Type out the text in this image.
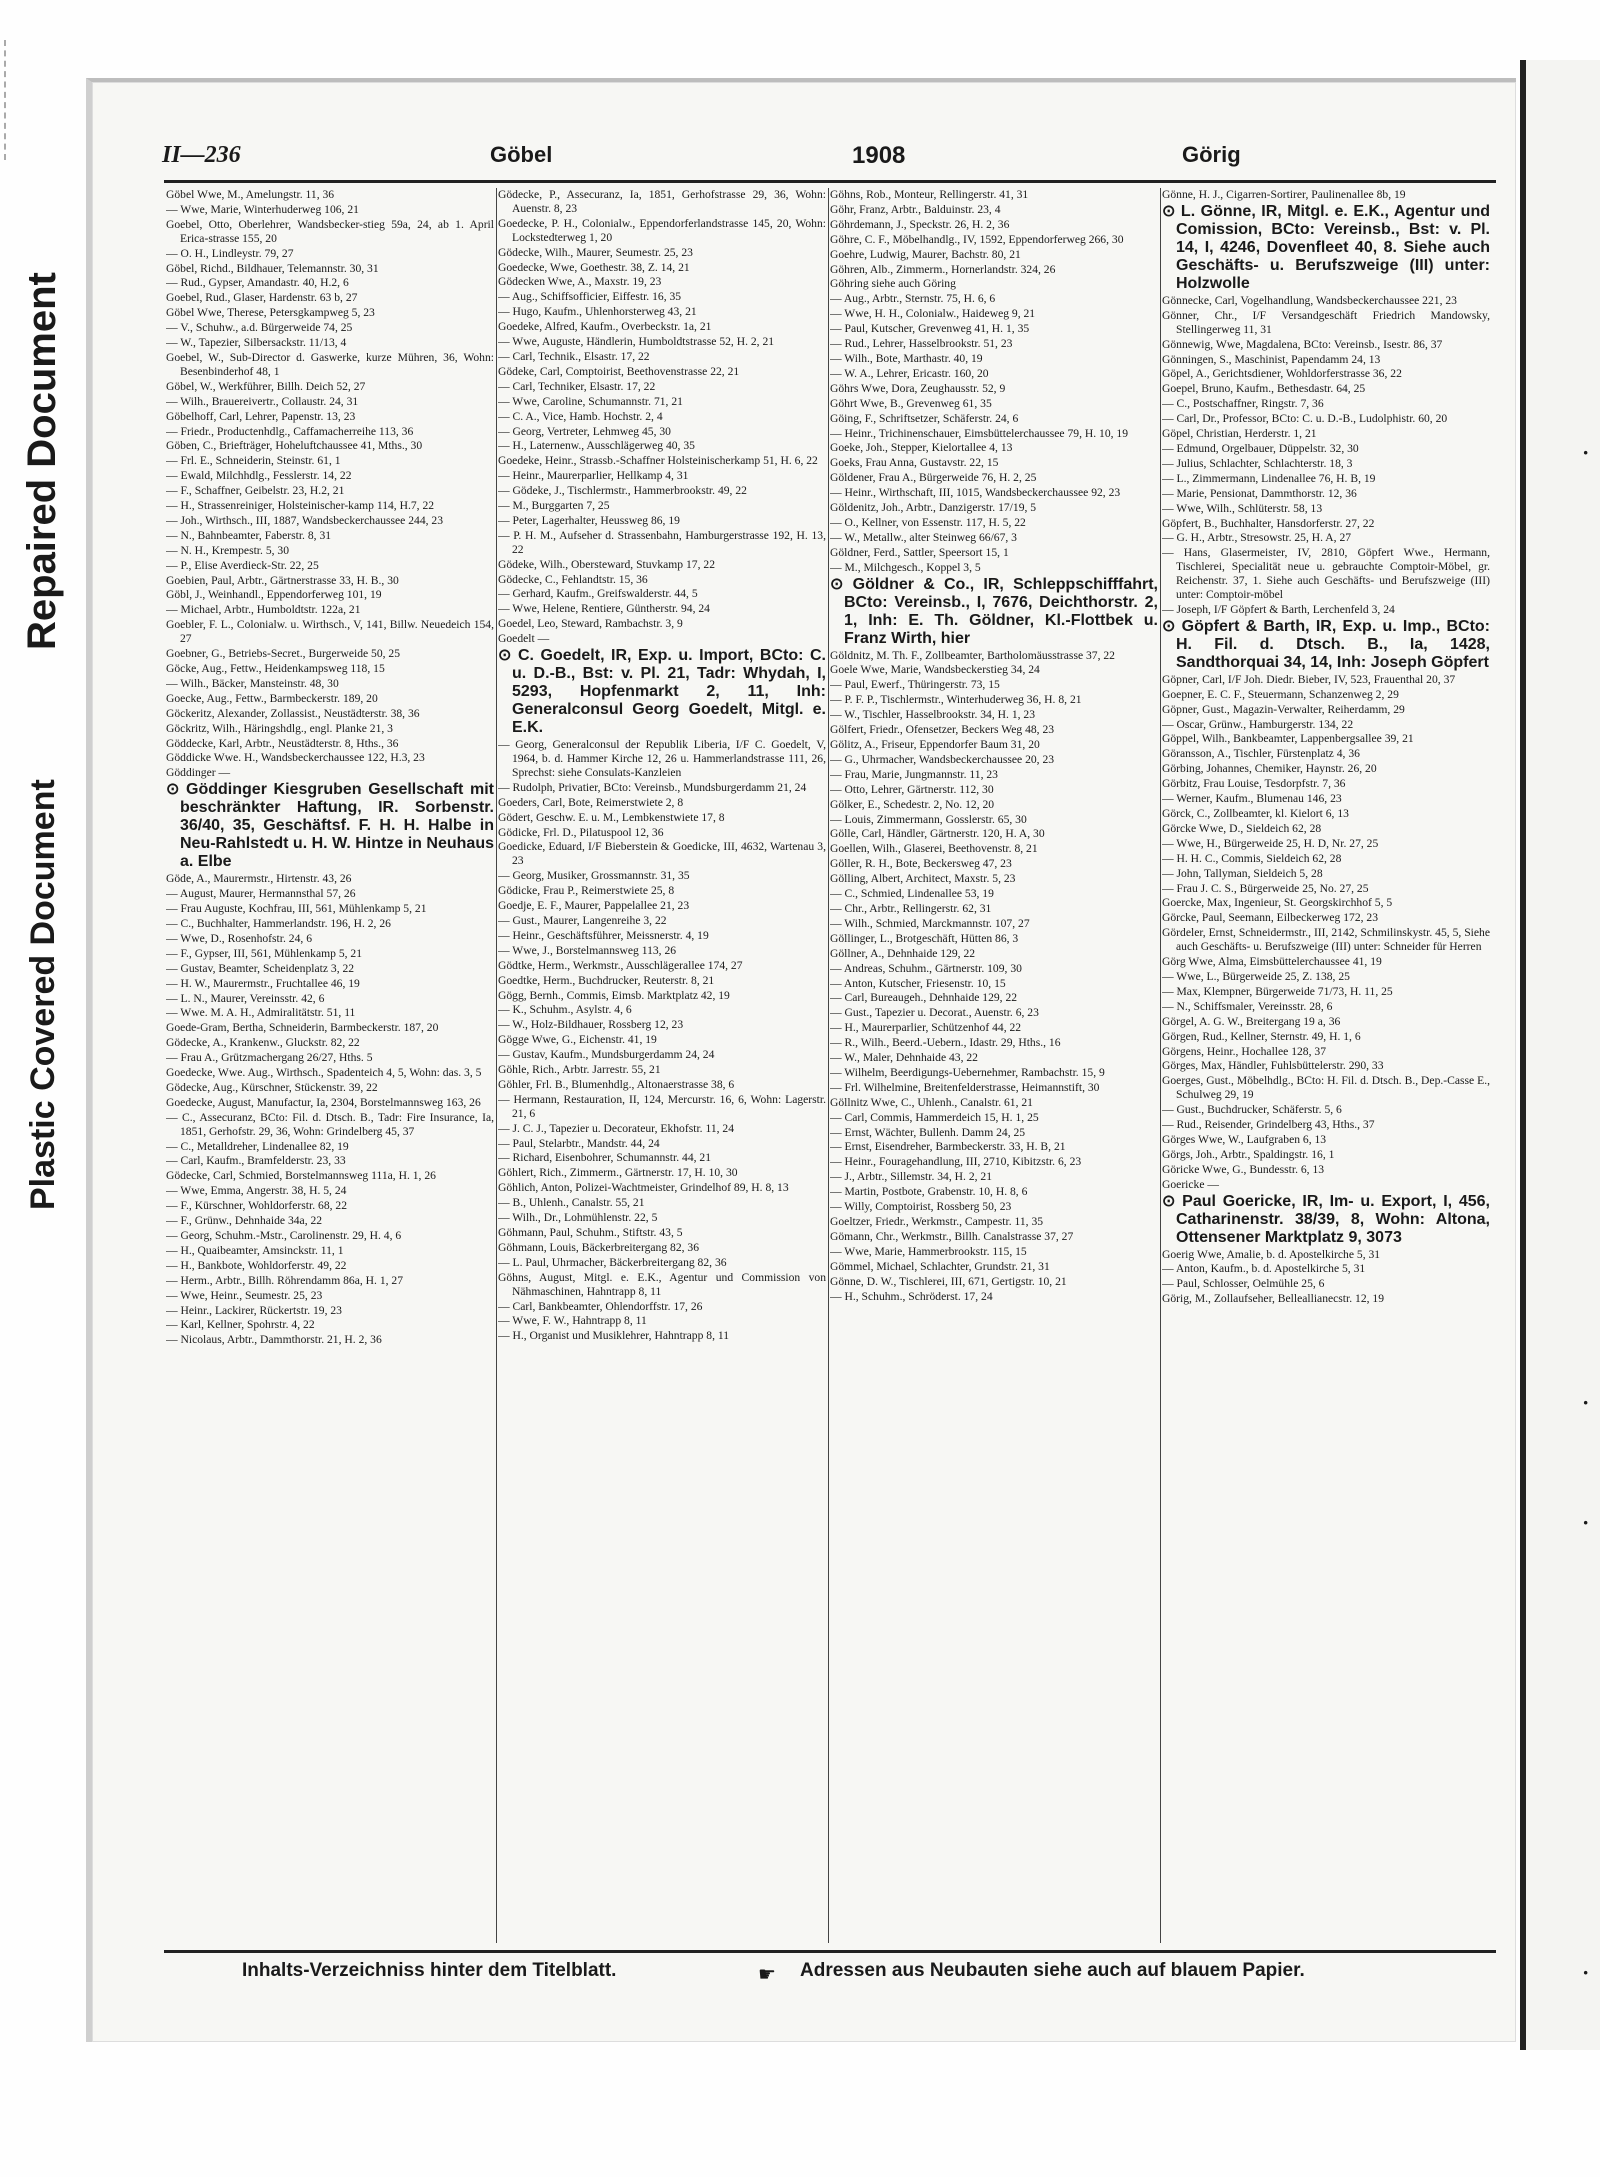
Repaired Document
Plastic Covered Document
·
·
·
·
II—236	Göbel	1908	Görig
Göbel Wwe, M., Amelungstr. 11, 36
— Wwe, Marie, Winterhuderweg 106, 21
Goebel, Otto, Oberlehrer, Wandsbecker-stieg 59a, 24, ab 1. April Erica-strasse 155, 20
— O. H., Lindleystr. 79, 27
Göbel, Richd., Bildhauer, Telemannstr. 30, 31
— Rud., Gypser, Amandastr. 40, H.2, 6
Goebel, Rud., Glaser, Hardenstr. 63 b, 27
Göbel Wwe, Therese, Petersgkampweg 5, 23
— V., Schuhw., a.d. Bürgerweide 74, 25
— W., Tapezier, Silbersackstr. 11/13, 4
Goebel, W., Sub-Director d. Gaswerke, kurze Mühren, 36, Wohn: Besenbinderhof 48, 1
Göbel, W., Werkführer, Billh. Deich 52, 27
— Wilh., Brauereivertr., Collaustr. 24, 31
Göbelhoff, Carl, Lehrer, Papenstr. 13, 23
— Friedr., Productenhdlg., Caffamacherreihe 113, 36
Göben, C., Briefträger, Hoheluftchaussee 41, Mths., 30
— Frl. E., Schneiderin, Steinstr. 61, 1
— Ewald, Milchhdlg., Fesslerstr. 14, 22
— F., Schaffner, Geibelstr. 23, H.2, 21
— H., Strassenreiniger, Holsteinischer-kamp 114, H.7, 22
— Joh., Wirthsch., III, 1887, Wandsbeckerchaussee 244, 23
— N., Bahnbeamter, Faberstr. 8, 31
— N. H., Krempestr. 5, 30
— P., Elise Averdieck-Str. 22, 25
Goebien, Paul, Arbtr., Gärtnerstrasse 33, H. B., 30
Göbl, J., Weinhandl., Eppendorferweg 101, 19
— Michael, Arbtr., Humboldtstr. 122a, 21
Goebler, F. L., Colonialw. u. Wirthsch., V, 141, Billw. Neuedeich 154, 27
Goebner, G., Betriebs-Secret., Burgerweide 50, 25
Göcke, Aug., Fettw., Heidenkampsweg 118, 15
— Wilh., Bäcker, Mansteinstr. 48, 30
Goecke, Aug., Fettw., Barmbeckerstr. 189, 20
Göckeritz, Alexander, Zollassist., Neustädterstr. 38, 36
Göckritz, Wilh., Häringshdlg., engl. Planke 21, 3
Göddecke, Karl, Arbtr., Neustädterstr. 8, Hths., 36
Göddicke Wwe. H., Wandsbeckerchaussee 122, H.3, 23
Göddinger —
⊙ Göddinger Kiesgruben Gesellschaft mit beschränkter Haftung, IR. Sorbenstr. 36/40, 35, Geschäftsf. F. H. H. Halbe in Neu-Rahlstedt u. H. W. Hintze in Neuhaus a. Elbe
Göde, A., Maurermstr., Hirtenstr. 43, 26
— August, Maurer, Hermannsthal 57, 26
— Frau Auguste, Kochfrau, III, 561, Mühlenkamp 5, 21
— C., Buchhalter, Hammerlandstr. 196, H. 2, 26
— Wwe, D., Rosenhofstr. 24, 6
— F., Gypser, III, 561, Mühlenkamp 5, 21
— Gustav, Beamter, Scheidenplatz 3, 22
— H. W., Maurermstr., Fruchtallee 46, 19
— L. N., Maurer, Vereinsstr. 42, 6
— Wwe. M. A. H., Admiralitätstr. 51, 11
Goede-Gram, Bertha, Schneiderin, Barmbeckerstr. 187, 20
Gödecke, A., Krankenw., Gluckstr. 82, 22
— Frau A., Grützmachergang 26/27, Hths. 5
Goedecke, Wwe. Aug., Wirthsch., Spadenteich 4, 5, Wohn: das. 3, 5
Gödecke, Aug., Kürschner, Stückenstr. 39, 22
Goedecke, August, Manufactur, Ia, 2304, Borstelmannsweg 163, 26
— C., Assecuranz, BCto: Fil. d. Dtsch. B., Tadr: Fire Insurance, Ia, 1851, Gerhofstr. 29, 36, Wohn: Grindelberg 45, 37
— C., Metalldreher, Lindenallee 82, 19
— Carl, Kaufm., Bramfelderstr. 23, 33
Gödecke, Carl, Schmied, Borstelmannsweg 111a, H. 1, 26
— Wwe, Emma, Angerstr. 38, H. 5, 24
— F., Kürschner, Wohldorferstr. 68, 22
— F., Grünw., Dehnhaide 34a, 22
— Georg, Schuhm.-Mstr., Carolinenstr. 29, H. 4, 6
— H., Quaibeamter, Amsinckstr. 11, 1
— H., Bankbote, Wohldorferstr. 49, 22
— Herm., Arbtr., Billh. Röhrendamm 86a, H. 1, 27
— Wwe, Heinr., Seumestr. 25, 23
— Heinr., Lackirer, Rückertstr. 19, 23
— Karl, Kellner, Spohrstr. 4, 22
— Nicolaus, Arbtr., Dammthorstr. 21, H. 2, 36
Gödecke, P., Assecuranz, Ia, 1851, Gerhofstrasse 29, 36, Wohn: Auenstr. 8, 23
Goedecke, P. H., Colonialw., Eppendorferlandstrasse 145, 20, Wohn: Lockstedterweg 1, 20
Gödecke, Wilh., Maurer, Seumestr. 25, 23
Goedecke, Wwe, Goethestr. 38, Z. 14, 21
Gödecken Wwe, A., Maxstr. 19, 23
— Aug., Schiffsofficier, Eiffestr. 16, 35
— Hugo, Kaufm., Uhlenhorsterweg 43, 21
Goedeke, Alfred, Kaufm., Overbeckstr. 1a, 21
— Wwe, Auguste, Händlerin, Humboldtstrasse 52, H. 2, 21
— Carl, Technik., Elsastr. 17, 22
Gödeke, Carl, Comptoirist, Beethovenstrasse 22, 21
— Carl, Techniker, Elsastr. 17, 22
— Wwe, Caroline, Schumannstr. 71, 21
— C. A., Vice, Hamb. Hochstr. 2, 4
— Georg, Vertreter, Lehmweg 45, 30
— H., Laternenw., Ausschlägerweg 40, 35
Goedeke, Heinr., Strassb.-Schaffner Holsteinischerkamp 51, H. 6, 22
— Heinr., Maurerparlier, Hellkamp 4, 31
— Gödeke, J., Tischlermstr., Hammerbrookstr. 49, 22
— M., Burggarten 7, 25
— Peter, Lagerhalter, Heussweg 86, 19
— P. H. M., Aufseher d. Strassenbahn, Hamburgerstrasse 192, H. 13, 22
Gödeke, Wilh., Obersteward, Stuvkamp 17, 22
Gödecke, C., Fehlandtstr. 15, 36
— Gerhard, Kaufm., Greifswalderstr. 44, 5
— Wwe, Helene, Rentiere, Güntherstr. 94, 24
Goedel, Leo, Steward, Rambachstr. 3, 9
Goedelt —
⊙ C. Goedelt, IR, Exp. u. Import, BCto: C. u. D.-B., Bst: v. Pl. 21, Tadr: Whydah, I, 5293, Hopfenmarkt 2, 11, Inh: Generalconsul Georg Goedelt, Mitgl. e. E.K.
— Georg, Generalconsul der Republik Liberia, I/F C. Goedelt, V, 1964, b. d. Hammer Kirche 12, 26 u. Hammerlandstrasse 111, 26, Sprechst: siehe Consulats-Kanzleien
— Rudolph, Privatier, BCto: Vereinsb., Mundsburgerdamm 21, 24
Goeders, Carl, Bote, Reimerstwiete 2, 8
Gödert, Geschw. E. u. M., Lembkenstwiete 17, 8
Gödicke, Frl. D., Pilatuspool 12, 36
Goedicke, Eduard, I/F Bieberstein & Goedicke, III, 4632, Wartenau 3, 23
— Georg, Musiker, Grossmannstr. 31, 35
Gödicke, Frau P., Reimerstwiete 25, 8
Goedje, E. F., Maurer, Pappelallee 21, 23
— Gust., Maurer, Langenreihe 3, 22
— Heinr., Geschäftsführer, Meissnerstr. 4, 19
— Wwe, J., Borstelmannsweg 113, 26
Gödtke, Herm., Werkmstr., Ausschlägerallee 174, 27
Goedtke, Herm., Buchdrucker, Reuterstr. 8, 21
Gögg, Bernh., Commis, Eimsb. Marktplatz 42, 19
— K., Schuhm., Asylstr. 4, 6
— W., Holz-Bildhauer, Rossberg 12, 23
Gögge Wwe, G., Eichenstr. 41, 19
— Gustav, Kaufm., Mundsburgerdamm 24, 24
Göhle, Rich., Arbtr. Jarrestr. 55, 21
Göhler, Frl. B., Blumenhdlg., Altonaerstrasse 38, 6
— Hermann, Restauration, II, 124, Mercurstr. 16, 6, Wohn: Lagerstr. 21, 6
— J. C. J., Tapezier u. Decorateur, Ekhofstr. 11, 24
— Paul, Stelarbtr., Mandstr. 44, 24
— Richard, Eisenbohrer, Schumannstr. 44, 21
Göhlert, Rich., Zimmerm., Gärtnerstr. 17, H. 10, 30
Göhlich, Anton, Polizei-Wachtmeister, Grindelhof 89, H. 8, 13
— B., Uhlenh., Canalstr. 55, 21
— Wilh., Dr., Lohmühlenstr. 22, 5
Göhmann, Paul, Schuhm., Stiftstr. 43, 5
Göhmann, Louis, Bäckerbreitergang 82, 36
— L. Paul, Uhrmacher, Bäckerbreitergang 82, 36
Göhns, August, Mitgl. e. E.K., Agentur und Commission von Nähmaschinen, Hahntrapp 8, 11
— Carl, Bankbeamter, Ohlendorffstr. 17, 26
— Wwe, F. W., Hahntrapp 8, 11
— H., Organist und Musiklehrer, Hahntrapp 8, 11
Göhns, Rob., Monteur, Rellingerstr. 41, 31
Göhr, Franz, Arbtr., Balduinstr. 23, 4
Göhrdemann, J., Speckstr. 26, H. 2, 36
Göhre, C. F., Möbelhandlg., IV, 1592, Eppendorferweg 266, 30
Goehre, Ludwig, Maurer, Bachstr. 80, 21
Göhren, Alb., Zimmerm., Hornerlandstr. 324, 26
Göhring siehe auch Göring
— Aug., Arbtr., Sternstr. 75, H. 6, 6
— Wwe, H. H., Colonialw., Haideweg 9, 21
— Paul, Kutscher, Grevenweg 41, H. 1, 35
— Rud., Lehrer, Hasselbrookstr. 51, 23
— Wilh., Bote, Marthastr. 40, 19
— W. A., Lehrer, Ericastr. 160, 20
Göhrs Wwe, Dora, Zeughausstr. 52, 9
Göhrt Wwe, B., Grevenweg 61, 35
Göing, F., Schriftsetzer, Schäferstr. 24, 6
— Heinr., Trichinenschauer, Eimsbüttelerchaussee 79, H. 10, 19
Goeke, Joh., Stepper, Kielortallee 4, 13
Goeks, Frau Anna, Gustavstr. 22, 15
Göldener, Frau A., Bürgerweide 76, H. 2, 25
— Heinr., Wirthschaft, III, 1015, Wandsbeckerchaussee 92, 23
Göldenitz, Joh., Arbtr., Danzigerstr. 17/19, 5
— O., Kellner, von Essenstr. 117, H. 5, 22
— W., Metallw., alter Steinweg 66/67, 3
Göldner, Ferd., Sattler, Speersort 15, 1
— M., Milchgesch., Koppel 3, 5
⊙ Göldner & Co., IR, Schleppschifffahrt, BCto: Vereinsb., I, 7676, Deichthorstr. 2, 1, Inh: E. Th. Göldner, Kl.-Flottbek u. Franz Wirth, hier
Göldnitz, M. Th. F., Zollbeamter, Bartholomäusstrasse 37, 22
Goele Wwe, Marie, Wandsbeckerstieg 34, 24
— Paul, Ewerf., Thüringerstr. 73, 15
— P. F. P., Tischlermstr., Winterhuderweg 36, H. 8, 21
— W., Tischler, Hasselbrookstr. 34, H. 1, 23
Gölfert, Friedr., Ofensetzer, Beckers Weg 48, 23
Gölitz, A., Friseur, Eppendorfer Baum 31, 20
— G., Uhrmacher, Wandsbeckerchaussee 20, 23
— Frau, Marie, Jungmannstr. 11, 23
— Otto, Lehrer, Gärtnerstr. 112, 30
Gölker, E., Schedestr. 2, No. 12, 20
— Louis, Zimmermann, Gosslerstr. 65, 30
Gölle, Carl, Händler, Gärtnerstr. 120, H. A, 30
Goellen, Wilh., Glaserei, Beethovenstr. 8, 21
Göller, R. H., Bote, Beckersweg 47, 23
Gölling, Albert, Architect, Maxstr. 5, 23
— C., Schmied, Lindenallee 53, 19
— Chr., Arbtr., Rellingerstr. 62, 31
— Wilh., Schmied, Marckmannstr. 107, 27
Göllinger, L., Brotgeschäft, Hütten 86, 3
Göllner, A., Dehnhaide 129, 22
— Andreas, Schuhm., Gärtnerstr. 109, 30
— Anton, Kutscher, Friesenstr. 10, 15
— Carl, Bureaugeh., Dehnhaide 129, 22
— Gust., Tapezier u. Decorat., Auenstr. 6, 23
— H., Maurerparlier, Schützenhof 44, 22
— R., Wilh., Beerd.-Uebern., Idastr. 29, Hths., 16
— W., Maler, Dehnhaide 43, 22
— Wilhelm, Beerdigungs-Uebernehmer, Rambachstr. 15, 9
— Frl. Wilhelmine, Breitenfelderstrasse, Heimannstift, 30
Göllnitz Wwe, C., Uhlenh., Canalstr. 61, 21
— Carl, Commis, Hammerdeich 15, H. 1, 25
— Ernst, Wächter, Bullenh. Damm 24, 25
— Ernst, Eisendreher, Barmbeckerstr. 33, H. B, 21
— Heinr., Fouragehandlung, III, 2710, Kibitzstr. 6, 23
— J., Arbtr., Sillemstr. 34, H. 2, 21
— Martin, Postbote, Grabenstr. 10, H. 8, 6
— Willy, Comptoirist, Rossberg 50, 23
Goeltzer, Friedr., Werkmstr., Campestr. 11, 35
Gömann, Chr., Werkmstr., Billh. Canalstrasse 37, 27
— Wwe, Marie, Hammerbrookstr. 115, 15
Gömmel, Michael, Schlachter, Grundstr. 21, 31
Gönne, D. W., Tischlerei, III, 671, Gertigstr. 10, 21
— H., Schuhm., Schröderst. 17, 24
Gönne, H. J., Cigarren-Sortirer, Paulinenallee 8b, 19
⊙ L. Gönne, IR, Mitgl. e. E.K., Agentur und Comission, BCto: Vereinsb., Bst: v. Pl. 14, I, 4246, Dovenfleet 40, 8. Siehe auch Geschäfts- u. Berufszweige (III) unter: Holzwolle
Gönnecke, Carl, Vogelhandlung, Wandsbeckerchaussee 221, 23
Gönner, Chr., I/F Versandgeschäft Friedrich Mandowsky, Stellingerweg 11, 31
Gönnewig, Wwe, Magdalena, BCto: Vereinsb., Isestr. 86, 37
Gönningen, S., Maschinist, Papendamm 24, 13
Göpel, A., Gerichtsdiener, Wohldorferstrasse 36, 22
Goepel, Bruno, Kaufm., Bethesdastr. 64, 25
— C., Postschaffner, Ringstr. 7, 36
— Carl, Dr., Professor, BCto: C. u. D.-B., Ludolphistr. 60, 20
Göpel, Christian, Herderstr. 1, 21
— Edmund, Orgelbauer, Düppelstr. 32, 30
— Julius, Schlachter, Schlachterstr. 18, 3
— L., Zimmermann, Lindenallee 76, H. B, 19
— Marie, Pensionat, Dammthorstr. 12, 36
— Wwe, Wilh., Schlüterstr. 58, 13
Göpfert, B., Buchhalter, Hansdorferstr. 27, 22
— G. H., Arbtr., Stresowstr. 25, H. A, 27
— Hans, Glasermeister, IV, 2810, Göpfert Wwe., Hermann, Tischlerei, Specialität neue u. gebrauchte Comptoir-Möbel, gr. Reichenstr. 37, 1. Siehe auch Geschäfts- und Berufszweige (III) unter: Comptoir-möbel
— Joseph, I/F Göpfert & Barth, Lerchenfeld 3, 24
⊙ Göpfert & Barth, IR, Exp. u. Imp., BCto: H. Fil. d. Dtsch. B., Ia, 1428, Sandthorquai 34, 14, Inh: Joseph Göpfert
Göpner, Carl, I/F Joh. Diedr. Bieber, IV, 523, Frauenthal 20, 37
Goepner, E. C. F., Steuermann, Schanzenweg 2, 29
Göpner, Gust., Magazin-Verwalter, Reiherdamm, 29
— Oscar, Grünw., Hamburgerstr. 134, 22
Göppel, Wilh., Bankbeamter, Lappenbergsallee 39, 21
Göransson, A., Tischler, Fürstenplatz 4, 36
Görbing, Johannes, Chemiker, Haynstr. 26, 20
Görbitz, Frau Louise, Tesdorpfstr. 7, 36
— Werner, Kaufm., Blumenau 146, 23
Görck, C., Zollbeamter, kl. Kielort 6, 13
Görcke Wwe, D., Sieldeich 62, 28
— Wwe, H., Bürgerweide 25, H. D, Nr. 27, 25
— H. H. C., Commis, Sieldeich 62, 28
— John, Tallyman, Sieldeich 5, 28
— Frau J. C. S., Bürgerweide 25, No. 27, 25
Goercke, Max, Ingenieur, St. Georgskirchhof 5, 5
Görcke, Paul, Seemann, Eilbeckerweg 172, 23
Gördeler, Ernst, Schneidermstr., III, 2142, Schmilinskystr. 45, 5, Siehe auch Geschäfts- u. Berufszweige (III) unter: Schneider für Herren
Görg Wwe, Alma, Eimsbüttelerchaussee 41, 19
— Wwe, L., Bürgerweide 25, Z. 138, 25
— Max, Klempner, Bürgerweide 71/73, H. 11, 25
— N., Schiffsmaler, Vereinsstr. 28, 6
Görgel, A. G. W., Breitergang 19 a, 36
Görgen, Rud., Kellner, Sternstr. 49, H. 1, 6
Görgens, Heinr., Hochallee 128, 37
Görges, Max, Händler, Fuhlsbüttelerstr. 290, 33
Goerges, Gust., Möbelhdlg., BCto: H. Fil. d. Dtsch. B., Dep.-Casse E., Schulweg 29, 19
— Gust., Buchdrucker, Schäferstr. 5, 6
— Rud., Reisender, Grindelberg 43, Hths., 37
Görges Wwe, W., Laufgraben 6, 13
Görgs, Joh., Arbtr., Spaldingstr. 16, 1
Göricke Wwe, G., Bundesstr. 6, 13
Goericke —
⊙ Paul Goericke, IR, Im- u. Export, I, 456, Catharinenstr. 38/39, 8, Wohn: Altona, Ottensener Marktplatz 9, 3073
Goerig Wwe, Amalie, b. d. Apostelkirche 5, 31
— Anton, Kaufm., b. d. Apostelkirche 5, 31
— Paul, Schlosser, Oelmühle 25, 6
Görig, M., Zollaufseher, Belleallianecstr. 12, 19
Inhalts-Verzeichniss hinter dem Titelblatt.	☛ Adressen aus Neubauten siehe auch auf blauem Papier.
